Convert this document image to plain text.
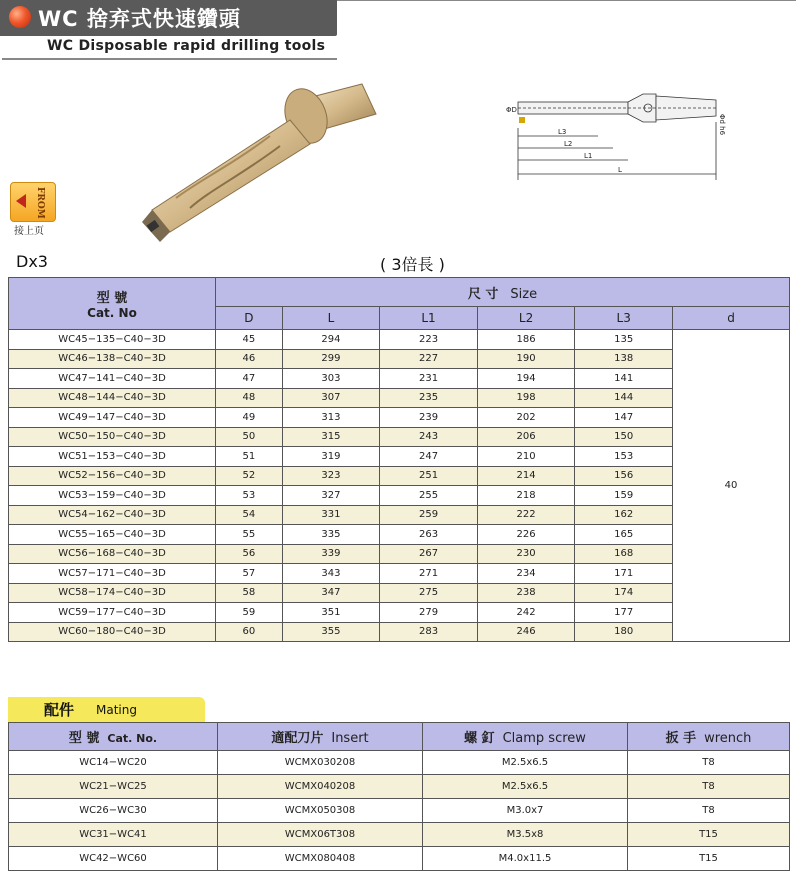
WC 捨弃式快速鑽頭
WC Disposable rapid drilling tools
ΦD
L3
L2
L1
L
Φd h6
FROM
接上页
Dx3	( 3倍長 )
型 號
Cat. No	尺 寸 Size					
	D	L	L1	L2	L3	d
WC45−135−C40−3D	45	294	223	186	135	40
WC46−138−C40−3D	46	299	227	190	138	
WC47−141−C40−3D	47	303	231	194	141	
WC48−144−C40−3D	48	307	235	198	144	
WC49−147−C40−3D	49	313	239	202	147	
WC50−150−C40−3D	50	315	243	206	150	
WC51−153−C40−3D	51	319	247	210	153	
WC52−156−C40−3D	52	323	251	214	156	
WC53−159−C40−3D	53	327	255	218	159	
WC54−162−C40−3D	54	331	259	222	162	
WC55−165−C40−3D	55	335	263	226	165	
WC56−168−C40−3D	56	339	267	230	168	
WC57−171−C40−3D	57	343	271	234	171	
WC58−174−C40−3D	58	347	275	238	174	
WC59−177−C40−3D	59	351	279	242	177	
WC60−180−C40−3D	60	355	283	246	180	
配件 Mating
型 號 Cat. No.	適配刀片 Insert	螺 釘 Clamp screw	扳 手 wrench
WC14−WC20	WCMX030208	M2.5x6.5	T8
WC21−WC25	WCMX040208	M2.5x6.5	T8
WC26−WC30	WCMX050308	M3.0x7	T8
WC31−WC41	WCMX06T308	M3.5x8	T15
WC42−WC60	WCMX080408	M4.0x11.5	T15
